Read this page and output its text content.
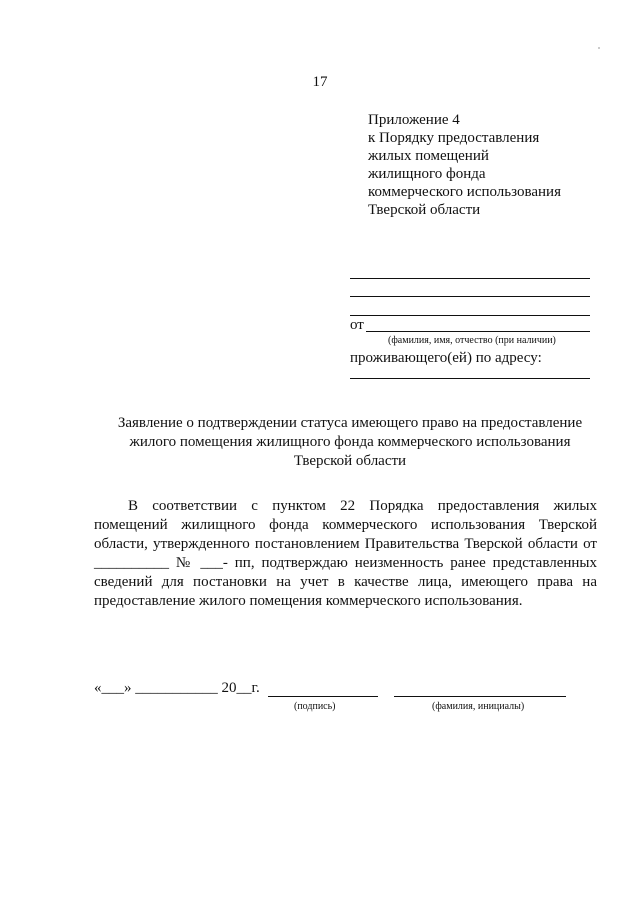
17
Приложение 4
к Порядку предоставления
жилых помещений
жилищного фонда
коммерческого использования
Тверской области
от
(фамилия, имя, отчество (при наличии)
проживающего(ей) по адресу:
Заявление о подтверждении статуса имеющего право на предоставление
жилого помещения жилищного фонда коммерческого использования
Тверской области

В соответствии с пунктом 22 Порядка предоставления жилых помещений жилищного фонда коммерческого использования Тверской области, утвержденного постановлением Правительства Тверской области от __________ № ___- пп, подтверждаю неизменность ранее представленных сведений для постановки на учет в качестве лица, имеющего права на предоставление жилого помещения коммерческого использования.

«___» ___________ 20__г.
(подпись)	(фамилия, инициалы)
